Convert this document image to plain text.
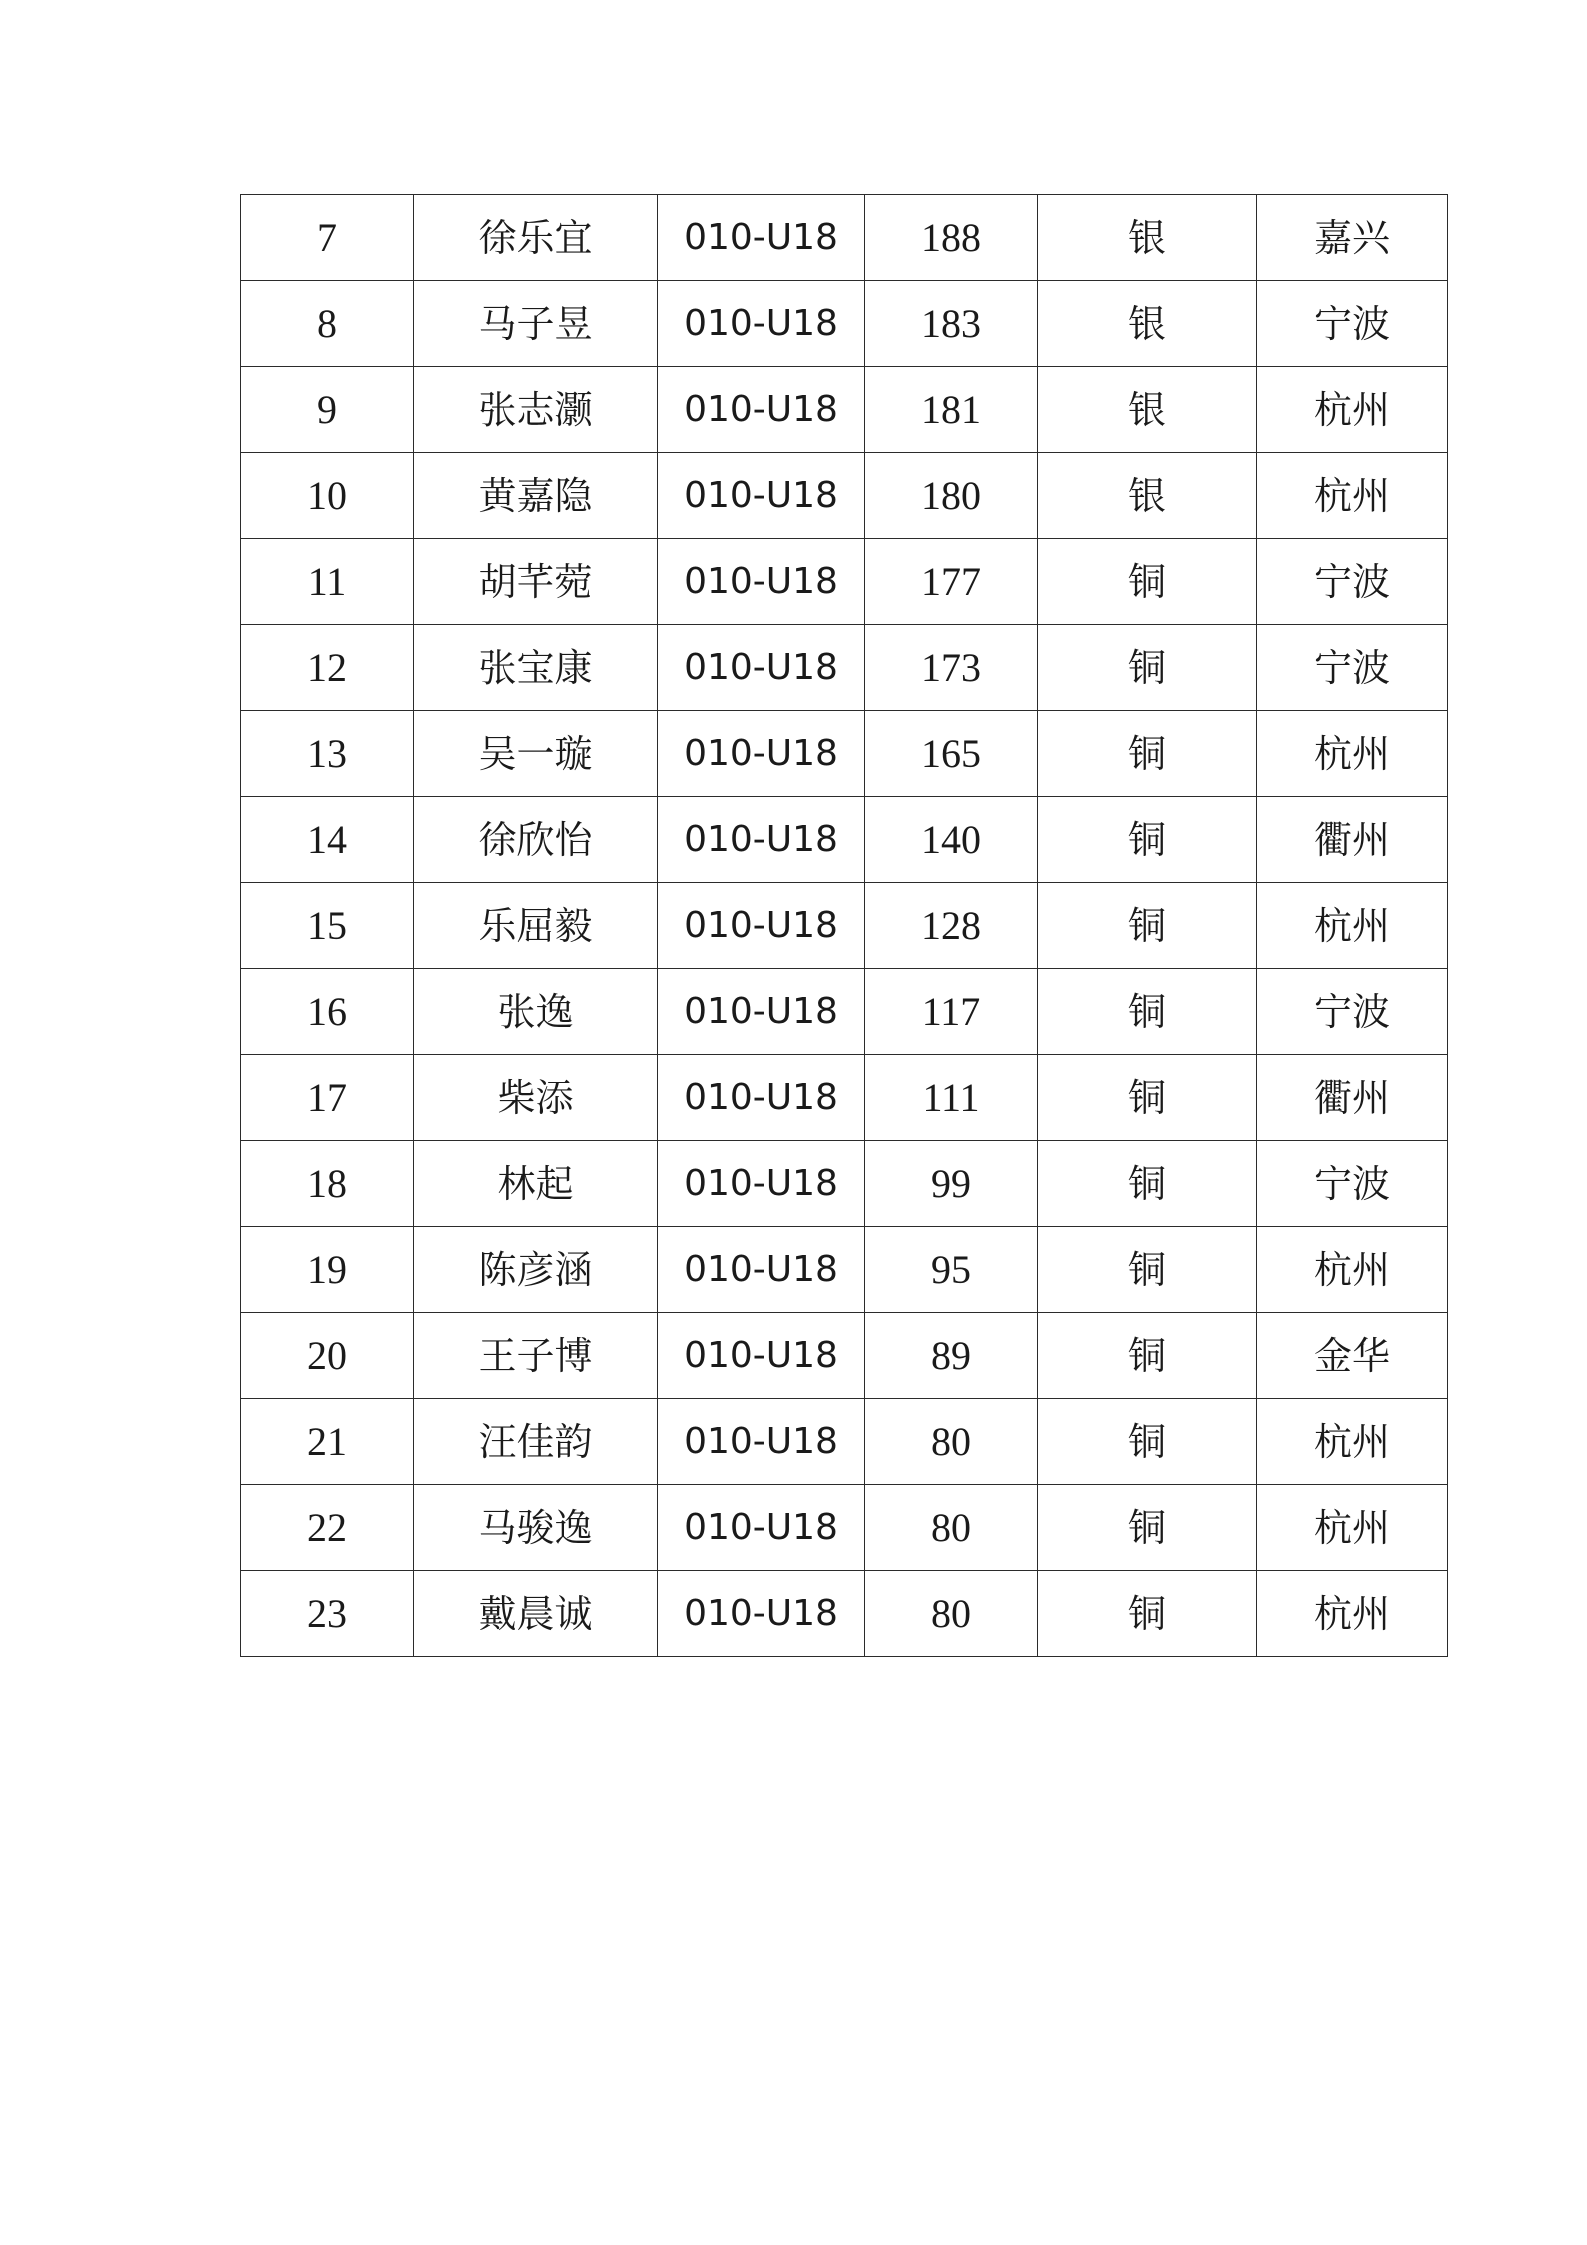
7	徐乐宜	010-U18	188	银	嘉兴
8	马子昱	010-U18	183	银	宁波
9	张志灏	010-U18	181	银	杭州
10	黄嘉隐	010-U18	180	银	杭州
11	胡芊菀	010-U18	177	铜	宁波
12	张宝康	010-U18	173	铜	宁波
13	吴一璇	010-U18	165	铜	杭州
14	徐欣怡	010-U18	140	铜	衢州
15	乐屈毅	010-U18	128	铜	杭州
16	张逸	010-U18	117	铜	宁波
17	柴添	010-U18	111	铜	衢州
18	林起	010-U18	99	铜	宁波
19	陈彦涵	010-U18	95	铜	杭州
20	王子博	010-U18	89	铜	金华
21	汪佳韵	010-U18	80	铜	杭州
22	马骏逸	010-U18	80	铜	杭州
23	戴晨诚	010-U18	80	铜	杭州
